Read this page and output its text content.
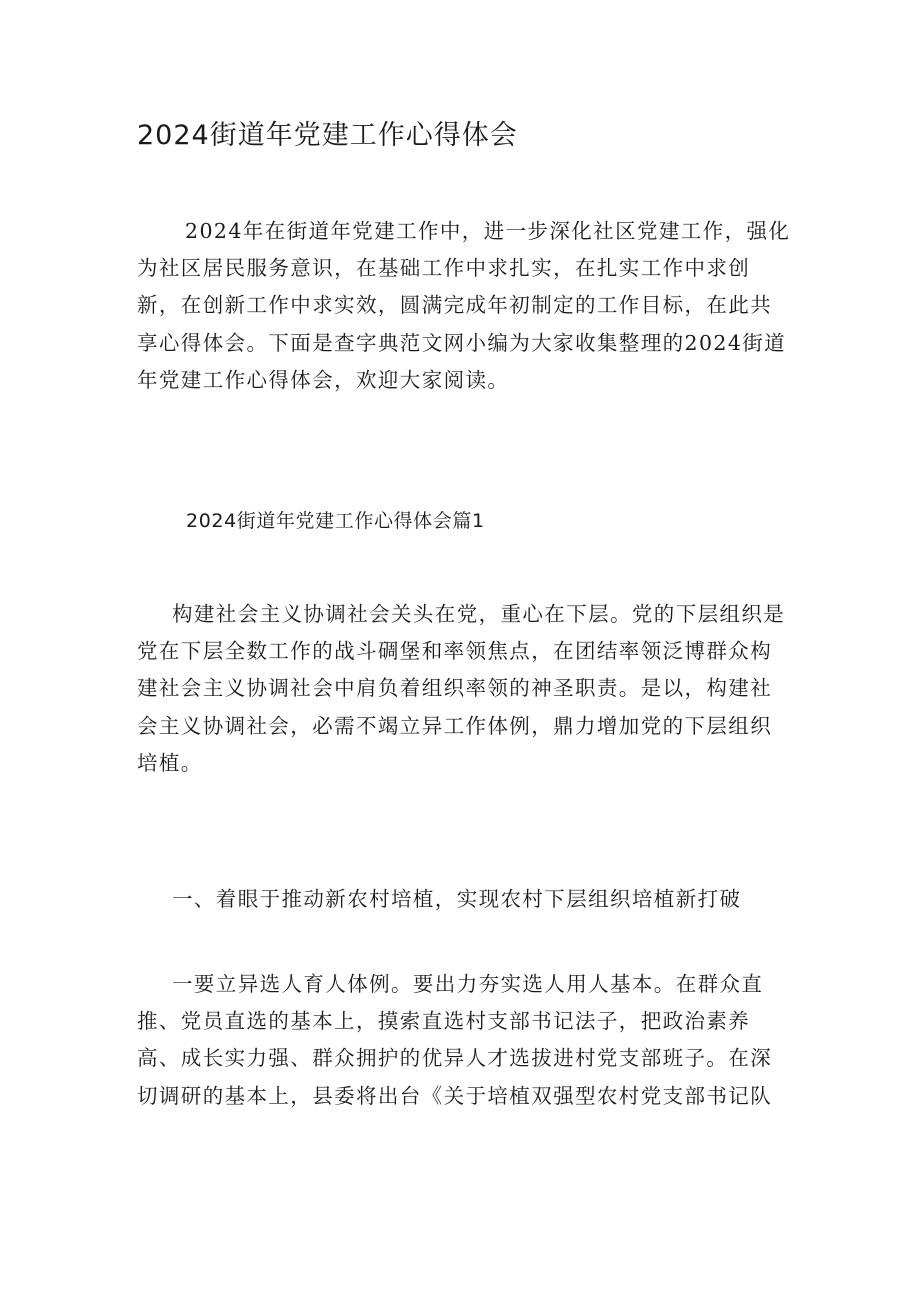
2024街道年党建工作心得体会
2024年在街道年党建工作中，进一步深化社区党建工作，强化
为社区居民服务意识，在基础工作中求扎实，在扎实工作中求创
新，在创新工作中求实效，圆满完成年初制定的工作目标，在此共
享心得体会。下面是查字典范文网小编为大家收集整理的2024街道
年党建工作心得体会，欢迎大家阅读。
2024街道年党建工作心得体会篇1
构建社会主义协调社会关头在党，重心在下层。党的下层组织是
党在下层全数工作的战斗碉堡和率领焦点，在团结率领泛博群众构
建社会主义协调社会中肩负着组织率领的神圣职责。是以，构建社
会主义协调社会，必需不竭立异工作体例，鼎力增加党的下层组织
培植。
一、着眼于推动新农村培植，实现农村下层组织培植新打破
一要立异选人育人体例。要出力夯实选人用人基本。在群众直
推、党员直选的基本上，摸索直选村支部书记法子，把政治素养
高、成长实力强、群众拥护的优异人才选拔进村党支部班子。在深
切调研的基本上，县委将出台《关于培植双强型农村党支部书记队
